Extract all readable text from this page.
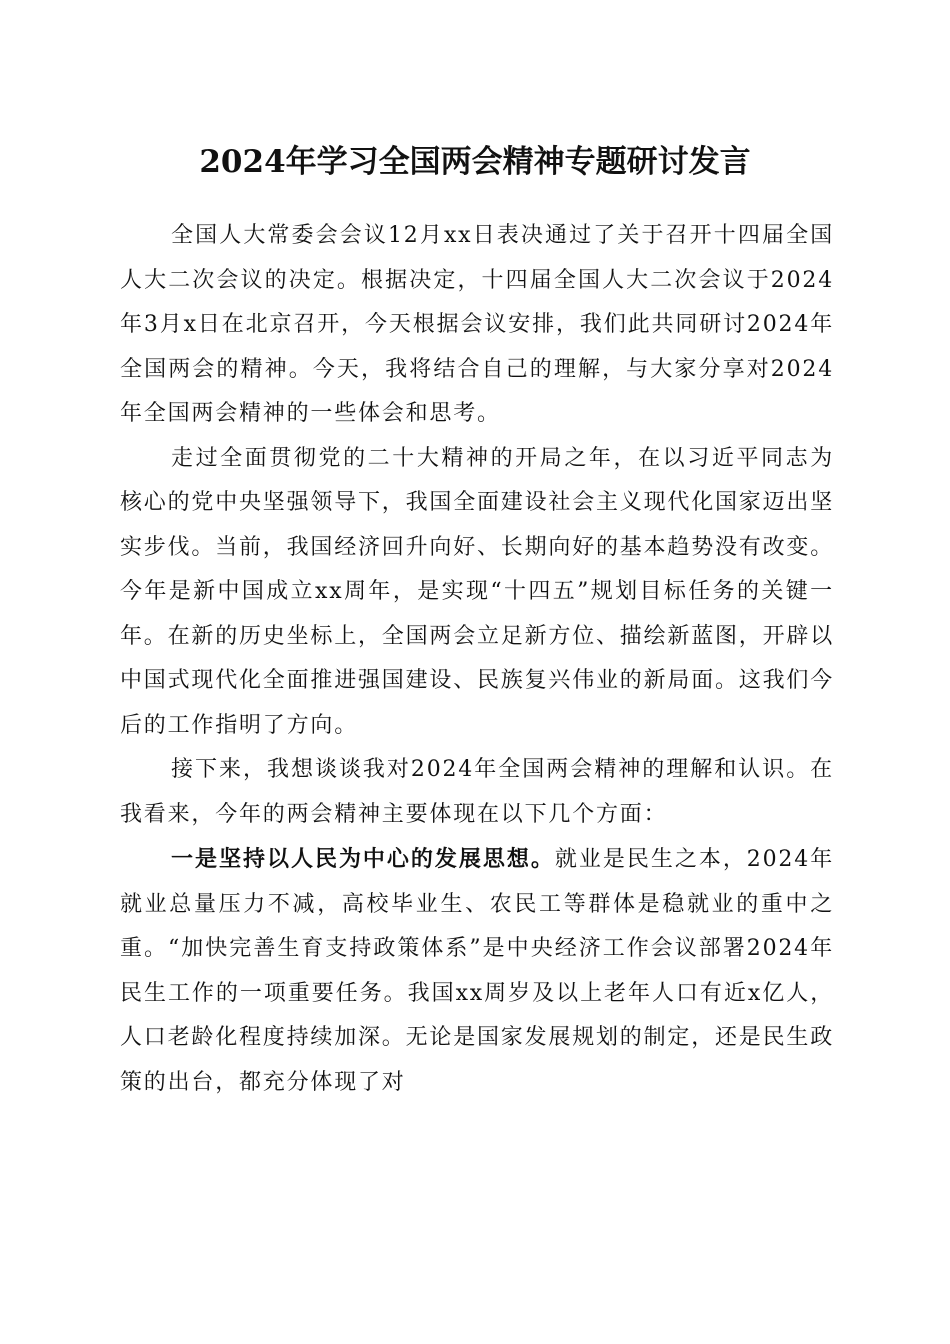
2024年学习全国两会精神专题研讨发言

全国人大常委会会议12月xx日表决通过了关于召开十四届全国人大二次会议的决定。根据决定，十四届全国人大二次会议于2024年3月x日在北京召开，今天根据会议安排，我们此共同研讨2024年全国两会的精神。今天，我将结合自己的理解，与大家分享对2024年全国两会精神的一些体会和思考。

走过全面贯彻党的二十大精神的开局之年，在以习近平同志为核心的党中央坚强领导下，我国全面建设社会主义现代化国家迈出坚实步伐。当前，我国经济回升向好、长期向好的基本趋势没有改变。今年是新中国成立xx周年，是实现“十四五”规划目标任务的关键一年。在新的历史坐标上，全国两会立足新方位、描绘新蓝图，开辟以中国式现代化全面推进强国建设、民族复兴伟业的新局面。这我们今后的工作指明了方向。

接下来，我想谈谈我对2024年全国两会精神的理解和认识。在我看来，今年的两会精神主要体现在以下几个方面：

一是坚持以人民为中心的发展思想。就业是民生之本，2024年就业总量压力不减，高校毕业生、农民工等群体是稳就业的重中之重。“加快完善生育支持政策体系”是中央经济工作会议部署2024年民生工作的一项重要任务。我国xx周岁及以上老年人口有近x亿人，人口老龄化程度持续加深。无论是国家发展规划的制定，还是民生政策的出台，都充分体现了对
